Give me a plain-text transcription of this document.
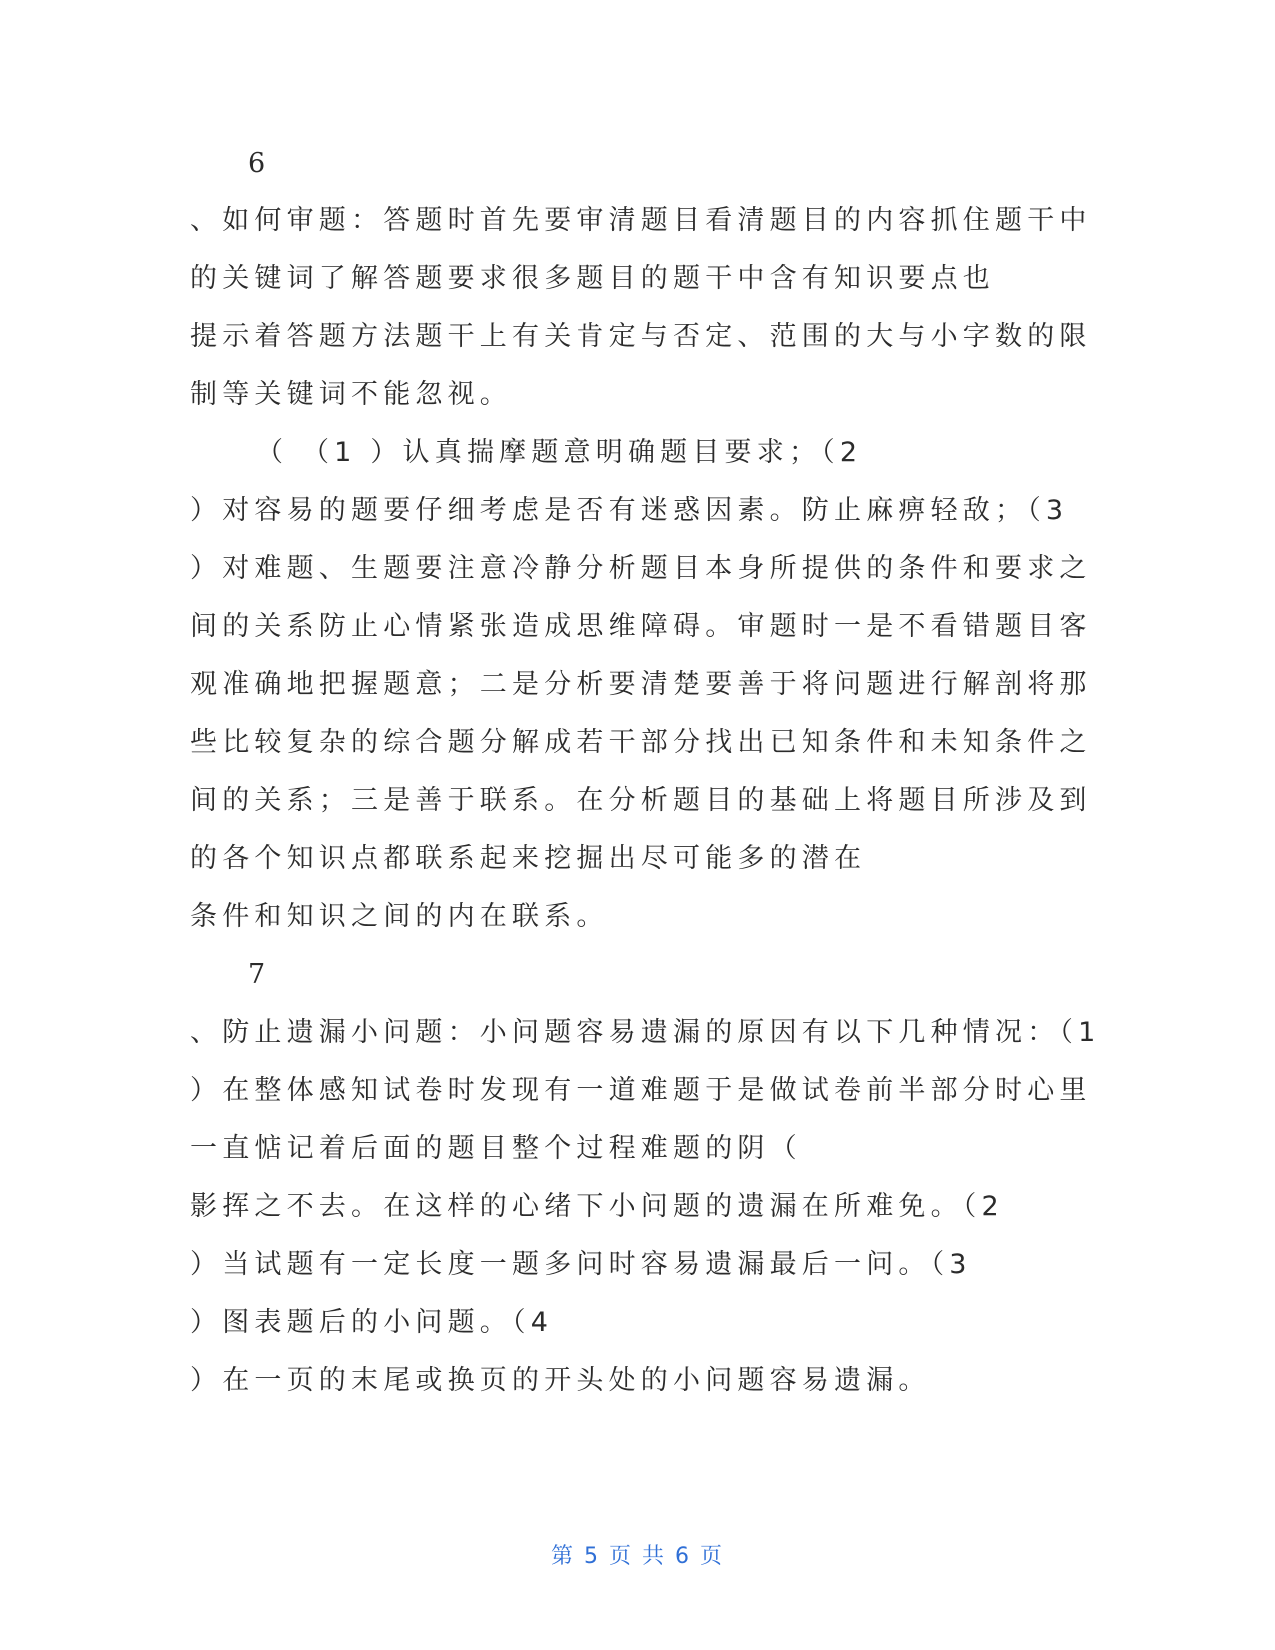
6
、如何审题：答题时首先要审清题目看清题目的内容抓住题干中
的关键词了解答题要求很多题目的题干中含有知识要点也
提示着答题方法题干上有关肯定与否定、范围的大与小字数的限
制等关键词不能忽视。
（ （1 ）认真揣摩题意明确题目要求；（2
）对容易的题要仔细考虑是否有迷惑因素。防止麻痹轻敌；（3
）对难题、生题要注意冷静分析题目本身所提供的条件和要求之
间的关系防止心情紧张造成思维障碍。审题时一是不看错题目客
观准确地把握题意；二是分析要清楚要善于将问题进行解剖将那
些比较复杂的综合题分解成若干部分找出已知条件和未知条件之
间的关系；三是善于联系。在分析题目的基础上将题目所涉及到
的各个知识点都联系起来挖掘出尽可能多的潜在
条件和知识之间的内在联系。
7
、防止遗漏小问题：小问题容易遗漏的原因有以下几种情况：（1
）在整体感知试卷时发现有一道难题于是做试卷前半部分时心里
一直惦记着后面的题目整个过程难题的阴（
影挥之不去。在这样的心绪下小问题的遗漏在所难免。（2
）当试题有一定长度一题多问时容易遗漏最后一问。（3
）图表题后的小问题。（4
）在一页的末尾或换页的开头处的小问题容易遗漏。
第 5 页 共 6 页
